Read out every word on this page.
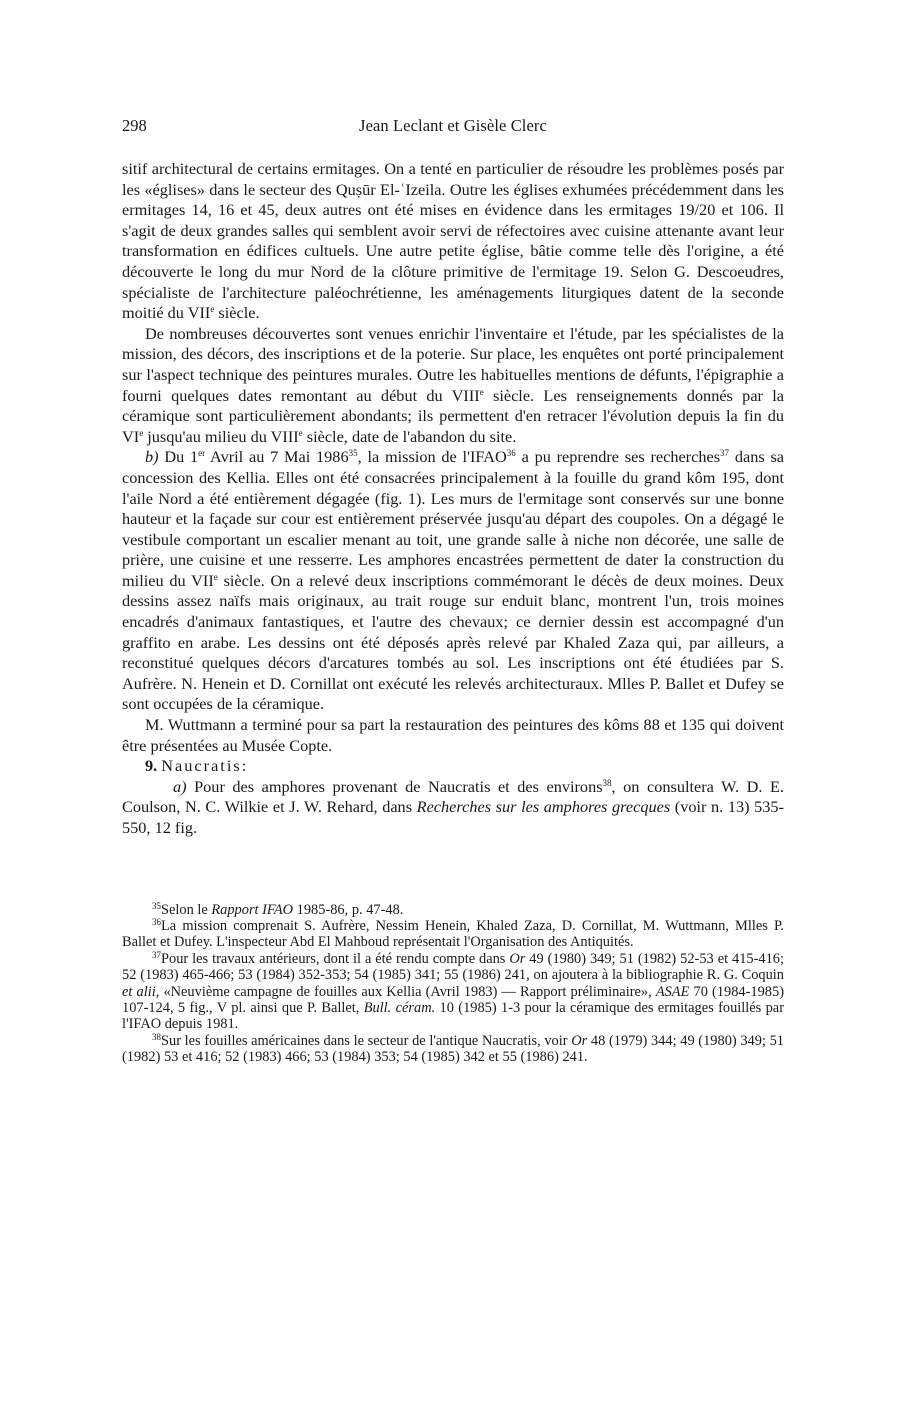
298	Jean Leclant et Gisèle Clerc

sitif architectural de certains ermitages. On a tenté en particulier de résoudre les problèmes posés par les «églises» dans le secteur des Quṣūr El-ʿIzeila. Outre les églises exhumées précédemment dans les ermitages 14, 16 et 45, deux autres ont été mises en évidence dans les ermitages 19/20 et 106. Il s'agit de deux grandes salles qui semblent avoir servi de réfectoires avec cuisine attenante avant leur transformation en édifices cultuels. Une autre petite église, bâtie comme telle dès l'origine, a été découverte le long du mur Nord de la clôture primitive de l'ermitage 19. Selon G. Descoeudres, spécialiste de l'architecture paléochrétienne, les aménagements liturgiques datent de la seconde moitié du VIIe siècle.

De nombreuses découvertes sont venues enrichir l'inventaire et l'étude, par les spécialistes de la mission, des décors, des inscriptions et de la poterie. Sur place, les enquêtes ont porté principalement sur l'aspect technique des peintures murales. Outre les habituelles mentions de défunts, l'épigraphie a fourni quelques dates remontant au début du VIIIe siècle. Les renseignements donnés par la céramique sont particulièrement abondants; ils permettent d'en retracer l'évolution depuis la fin du VIe jusqu'au milieu du VIIIe siècle, date de l'abandon du site.

b) Du 1er Avril au 7 Mai 1986$^{35}$, la mission de l'IFAO$^{36}$ a pu reprendre ses recherches$^{37}$ dans sa concession des Kellia. Elles ont été consacrées principalement à la fouille du grand kôm 195, dont l'aile Nord a été entièrement dégagée (fig. 1). Les murs de l'ermitage sont conservés sur une bonne hauteur et la façade sur cour est entièrement préservée jusqu'au départ des coupoles. On a dégagé le vestibule comportant un escalier menant au toit, une grande salle à niche non décorée, une salle de prière, une cuisine et une resserre. Les amphores encastrées permettent de dater la construction du milieu du VIIe siècle. On a relevé deux inscriptions commémorant le décès de deux moines. Deux dessins assez naïfs mais originaux, au trait rouge sur enduit blanc, montrent l'un, trois moines encadrés d'animaux fantastiques, et l'autre des chevaux; ce dernier dessin est accompagné d'un graffito en arabe. Les dessins ont été déposés après relevé par Khaled Zaza qui, par ailleurs, a reconstitué quelques décors d'arcatures tombés au sol. Les inscriptions ont été étudiées par S. Aufrère. N. Henein et D. Cornillat ont exécuté les relevés architecturaux. Mlles P. Ballet et Dufey se sont occupées de la céramique.

M. Wuttmann a terminé pour sa part la restauration des peintures des kôms 88 et 135 qui doivent être présentées au Musée Copte.

9. Naucratis:

a) Pour des amphores provenant de Naucratis et des environs$^{38}$, on consultera W. D. E. Coulson, N. C. Wilkie et J. W. Rehard, dans Recherches sur les amphores grecques (voir n. 13) 535-550, 12 fig.

$^{35}$Selon le Rapport IFAO 1985-86, p. 47-48.

$^{36}$La mission comprenait S. Aufrère, Nessim Henein, Khaled Zaza, D. Cornillat, M. Wuttmann, Mlles P. Ballet et Dufey. L'inspecteur Abd El Mahboud représentait l'Organisation des Antiquités.

$^{37}$Pour les travaux antérieurs, dont il a été rendu compte dans Or 49 (1980) 349; 51 (1982) 52-53 et 415-416; 52 (1983) 465-466; 53 (1984) 352-353; 54 (1985) 341; 55 (1986) 241, on ajoutera à la bibliographie R. G. Coquin et alii, «Neuvième campagne de fouilles aux Kellia (Avril 1983) — Rapport préliminaire», ASAE 70 (1984-1985) 107-124, 5 fig., V pl. ainsi que P. Ballet, Bull. céram. 10 (1985) 1-3 pour la céramique des ermitages fouillés par l'IFAO depuis 1981.

$^{38}$Sur les fouilles américaines dans le secteur de l'antique Naucratis, voir Or 48 (1979) 344; 49 (1980) 349; 51 (1982) 53 et 416; 52 (1983) 466; 53 (1984) 353; 54 (1985) 342 et 55 (1986) 241.
